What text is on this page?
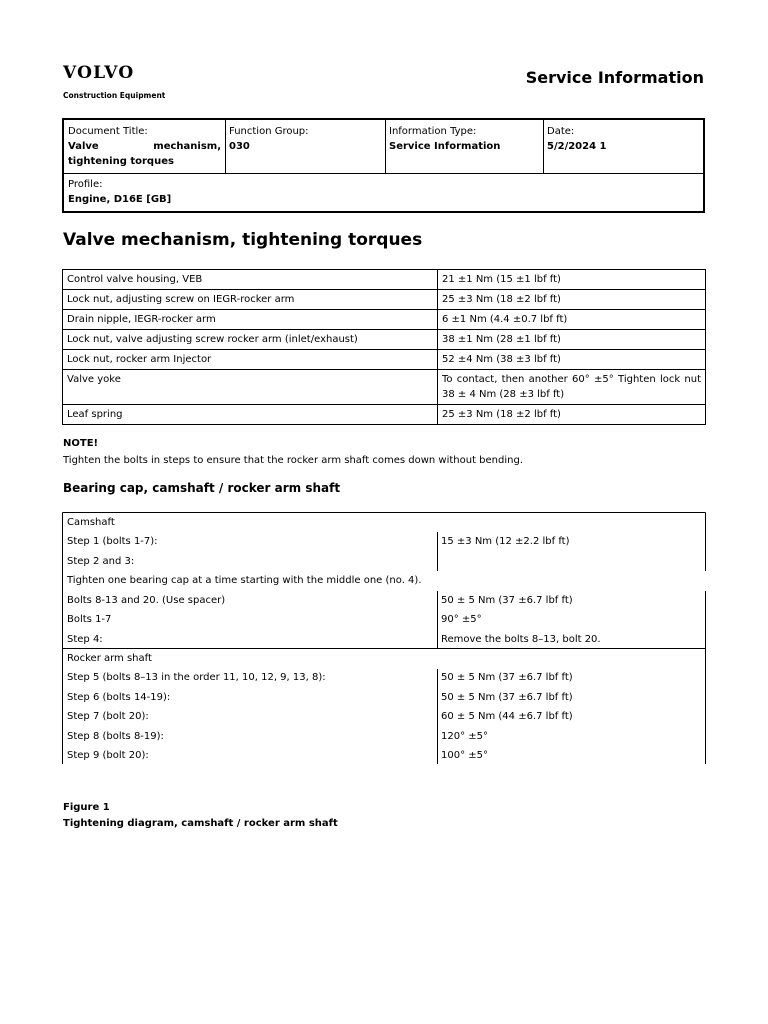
VOLVO
Construction Equipment
Service Information
Document Title:
Valve mechanism, tightening torques
Function Group:
030
Information Type:
Service Information
Date:
5/2/2024 1
Profile:
Engine, D16E [GB]
Valve mechanism, tightening torques
Control valve housing, VEB	21 ±1 Nm (15 ±1 lbf ft)
Lock nut, adjusting screw on IEGR-rocker arm	25 ±3 Nm (18 ±2 lbf ft)
Drain nipple, IEGR-rocker arm	6 ±1 Nm (4.4 ±0.7 lbf ft)
Lock nut, valve adjusting screw rocker arm (inlet/exhaust)	38 ±1 Nm (28 ±1 lbf ft)
Lock nut, rocker arm Injector	52 ±4 Nm (38 ±3 lbf ft)
Valve yoke	To contact, then another 60° ±5° Tighten lock nut 38 ± 4 Nm (28 ±3 lbf ft)
Leaf spring	25 ±3 Nm (18 ±2 lbf ft)
NOTE!
Tighten the bolts in steps to ensure that the rocker arm shaft comes down without bending.
Bearing cap, camshaft / rocker arm shaft
Camshaft
Step 1 (bolts 1-7):	15 ±3 Nm (12 ±2.2 lbf ft)
Step 2 and 3:
Tighten one bearing cap at a time starting with the middle one (no. 4).
Bolts 8-13 and 20. (Use spacer)	50 ± 5 Nm (37 ±6.7 lbf ft)
Bolts 1-7	90° ±5°
Step 4:	Remove the bolts 8–13, bolt 20.
Rocker arm shaft
Step 5 (bolts 8–13 in the order 11, 10, 12, 9, 13, 8):	50 ± 5 Nm (37 ±6.7 lbf ft)
Step 6 (bolts 14-19):	50 ± 5 Nm (37 ±6.7 lbf ft)
Step 7 (bolt 20):	60 ± 5 Nm (44 ±6.7 lbf ft)
Step 8 (bolts 8-19):	120° ±5°
Step 9 (bolt 20):	100° ±5°
Figure 1
Tightening diagram, camshaft / rocker arm shaft
